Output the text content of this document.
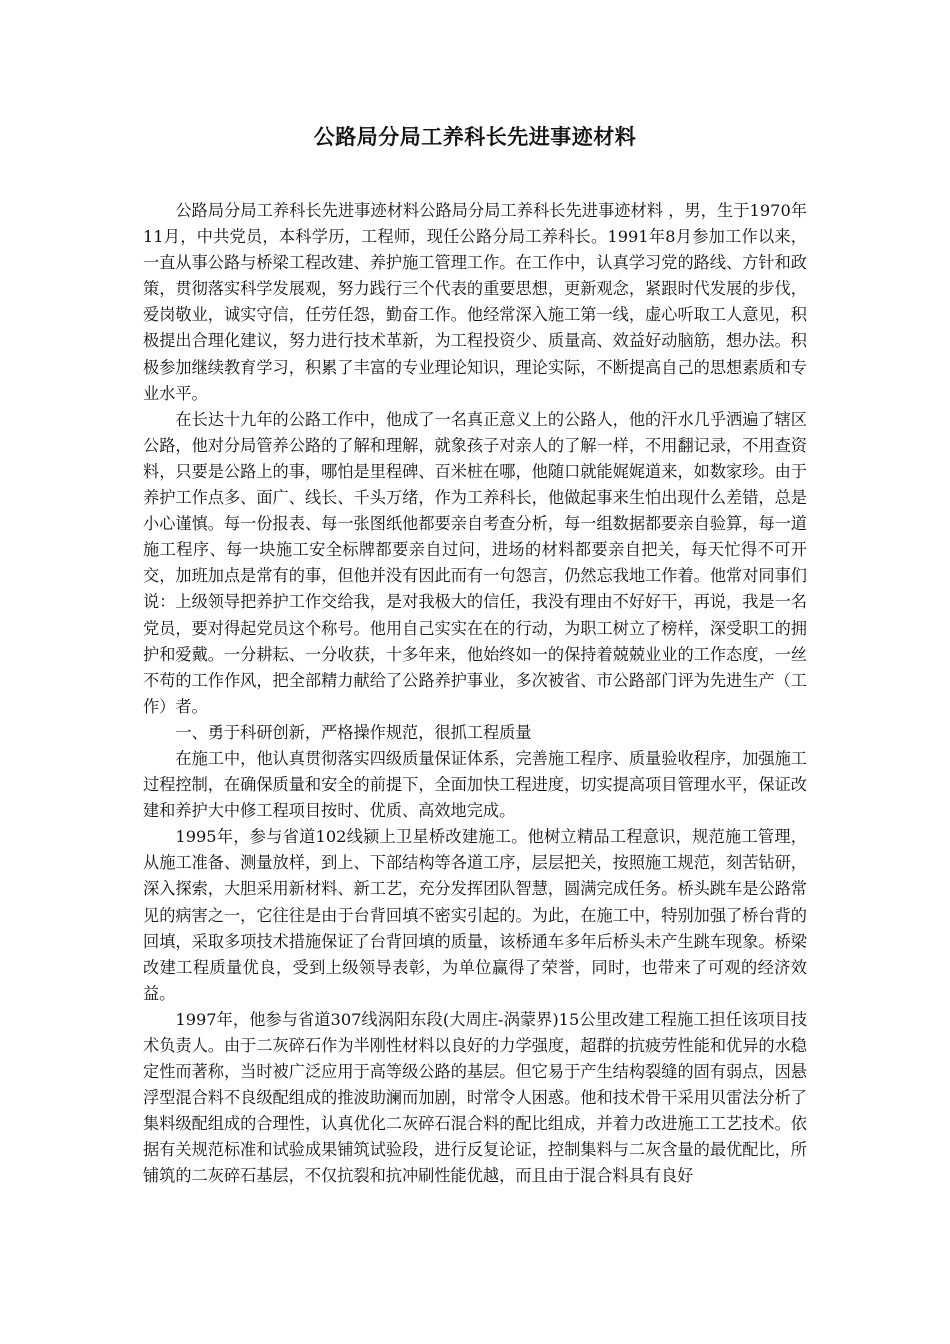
公路局分局工养科长先进事迹材料

公路局分局工养科长先进事迹材料公路局分局工养科长先进事迹材料 ，男，生于1970年11月，中共党员，本科学历，工程师，现任公路分局工养科长。1991年8月参加工作以来，一直从事公路与桥梁工程改建、养护施工管理工作。在工作中，认真学习党的路线、方针和政策，贯彻落实科学发展观，努力践行三个代表的重要思想，更新观念，紧跟时代发展的步伐，爱岗敬业，诚实守信，任劳任怨，勤奋工作。他经常深入施工第一线，虚心听取工人意见，积极提出合理化建议，努力进行技术革新，为工程投资少、质量高、效益好动脑筋，想办法。积极参加继续教育学习，积累了丰富的专业理论知识，理论实际，不断提高自己的思想素质和专业水平。

在长达十九年的公路工作中，他成了一名真正意义上的公路人，他的汗水几乎洒遍了辖区公路，他对分局管养公路的了解和理解，就象孩子对亲人的了解一样，不用翻记录，不用查资料，只要是公路上的事，哪怕是里程碑、百米桩在哪，他随口就能娓娓道来，如数家珍。由于养护工作点多、面广、线长、千头万绪，作为工养科长，他做起事来生怕出现什么差错，总是小心谨慎。每一份报表、每一张图纸他都要亲自考查分析，每一组数据都要亲自验算，每一道施工程序、每一块施工安全标牌都要亲自过问，进场的材料都要亲自把关，每天忙得不可开交，加班加点是常有的事，但他并没有因此而有一句怨言，仍然忘我地工作着。他常对同事们说：上级领导把养护工作交给我，是对我极大的信任，我没有理由不好好干，再说，我是一名党员，要对得起党员这个称号。他用自己实实在在的行动，为职工树立了榜样，深受职工的拥护和爱戴。一分耕耘、一分收获，十多年来，他始终如一的保持着兢兢业业的工作态度，一丝不苟的工作作风，把全部精力献给了公路养护事业，多次被省、市公路部门评为先进生产（工作）者。

一、勇于科研创新，严格操作规范，很抓工程质量

在施工中，他认真贯彻落实四级质量保证体系，完善施工程序、质量验收程序，加强施工过程控制，在确保质量和安全的前提下，全面加快工程进度，切实提高项目管理水平，保证改建和养护大中修工程项目按时、优质、高效地完成。

1995年，参与省道102线颍上卫星桥改建施工。他树立精品工程意识，规范施工管理，从施工准备、测量放样，到上、下部结构等各道工序，层层把关，按照施工规范，刻苦钻研，深入探索，大胆采用新材料、新工艺，充分发挥团队智慧，圆满完成任务。桥头跳车是公路常见的病害之一，它往往是由于台背回填不密实引起的。为此，在施工中，特别加强了桥台背的回填，采取多项技术措施保证了台背回填的质量，该桥通车多年后桥头未产生跳车现象。桥梁改建工程质量优良，受到上级领导表彰，为单位赢得了荣誉，同时，也带来了可观的经济效益。

1997年，他参与省道307线涡阳东段(大周庄-涡蒙界)15公里改建工程施工担任该项目技术负责人。由于二灰碎石作为半刚性材料以良好的力学强度，超群的抗疲劳性能和优异的水稳定性而著称，当时被广泛应用于高等级公路的基层。但它易于产生结构裂缝的固有弱点，因悬浮型混合料不良级配组成的推波助澜而加剧，时常令人困惑。他和技术骨干采用贝雷法分析了集料级配组成的合理性，认真优化二灰碎石混合料的配比组成，并着力改进施工工艺技术。依据有关规范标准和试验成果铺筑试验段，进行反复论证，控制集料与二灰含量的最优配比，所铺筑的二灰碎石基层，不仅抗裂和抗冲刷性能优越，而且由于混合料具有良好
